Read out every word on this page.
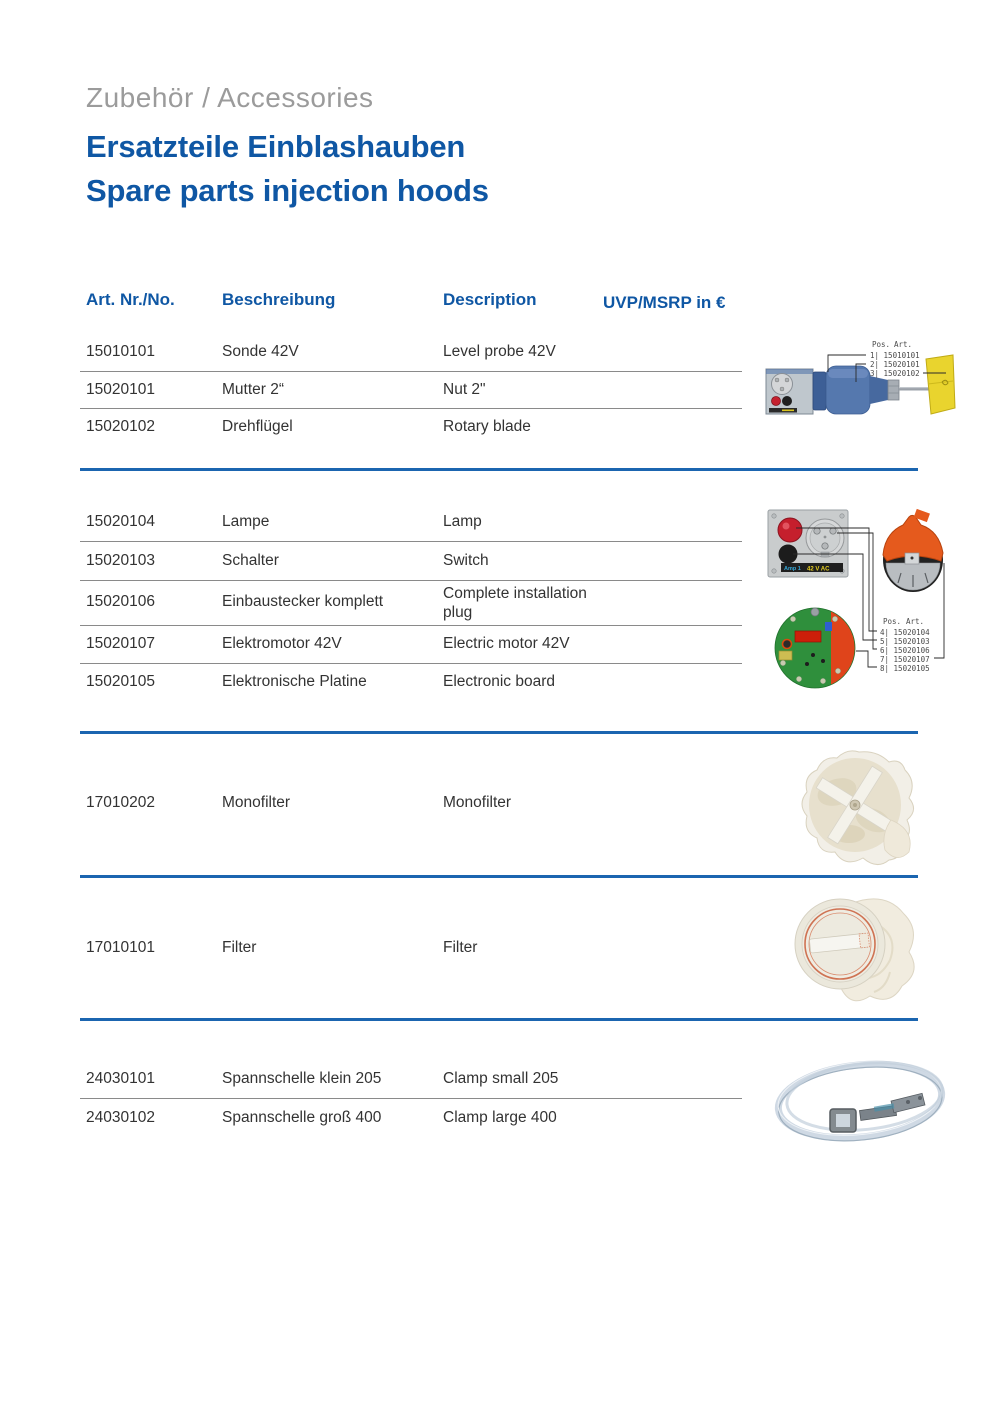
Zubehör / Accessories
Ersatzteile Einblashauben
Spare parts injection hoods
Art. Nr./No.	Beschreibung	Description	UVP/MSRP in €
15010101	Sonde 42V	Level probe 42V
15020101	Mutter 2“	Nut 2"
15020102	Drehflügel	Rotary blade
15020104	Lampe	Lamp
15020103	Schalter	Switch
15020106	Einbaustecker komplett	Complete installation plug
15020107	Elektromotor 42V	Electric motor 42V
15020105	Elektronische Platine	Electronic board
17010202	Monofilter	Monofilter
17010101	Filter	Filter
24030101	Spannschelle klein 205	Clamp small 205
24030102	Spannschelle groß 400	Clamp large 400
Pos. Art.
1| 15010101
2| 15020101
3| 15020102
Amp 1 42 V AC
Pos. Art.
4| 15020104
5| 15020103
6| 15020106
7| 15020107
8| 15020105
